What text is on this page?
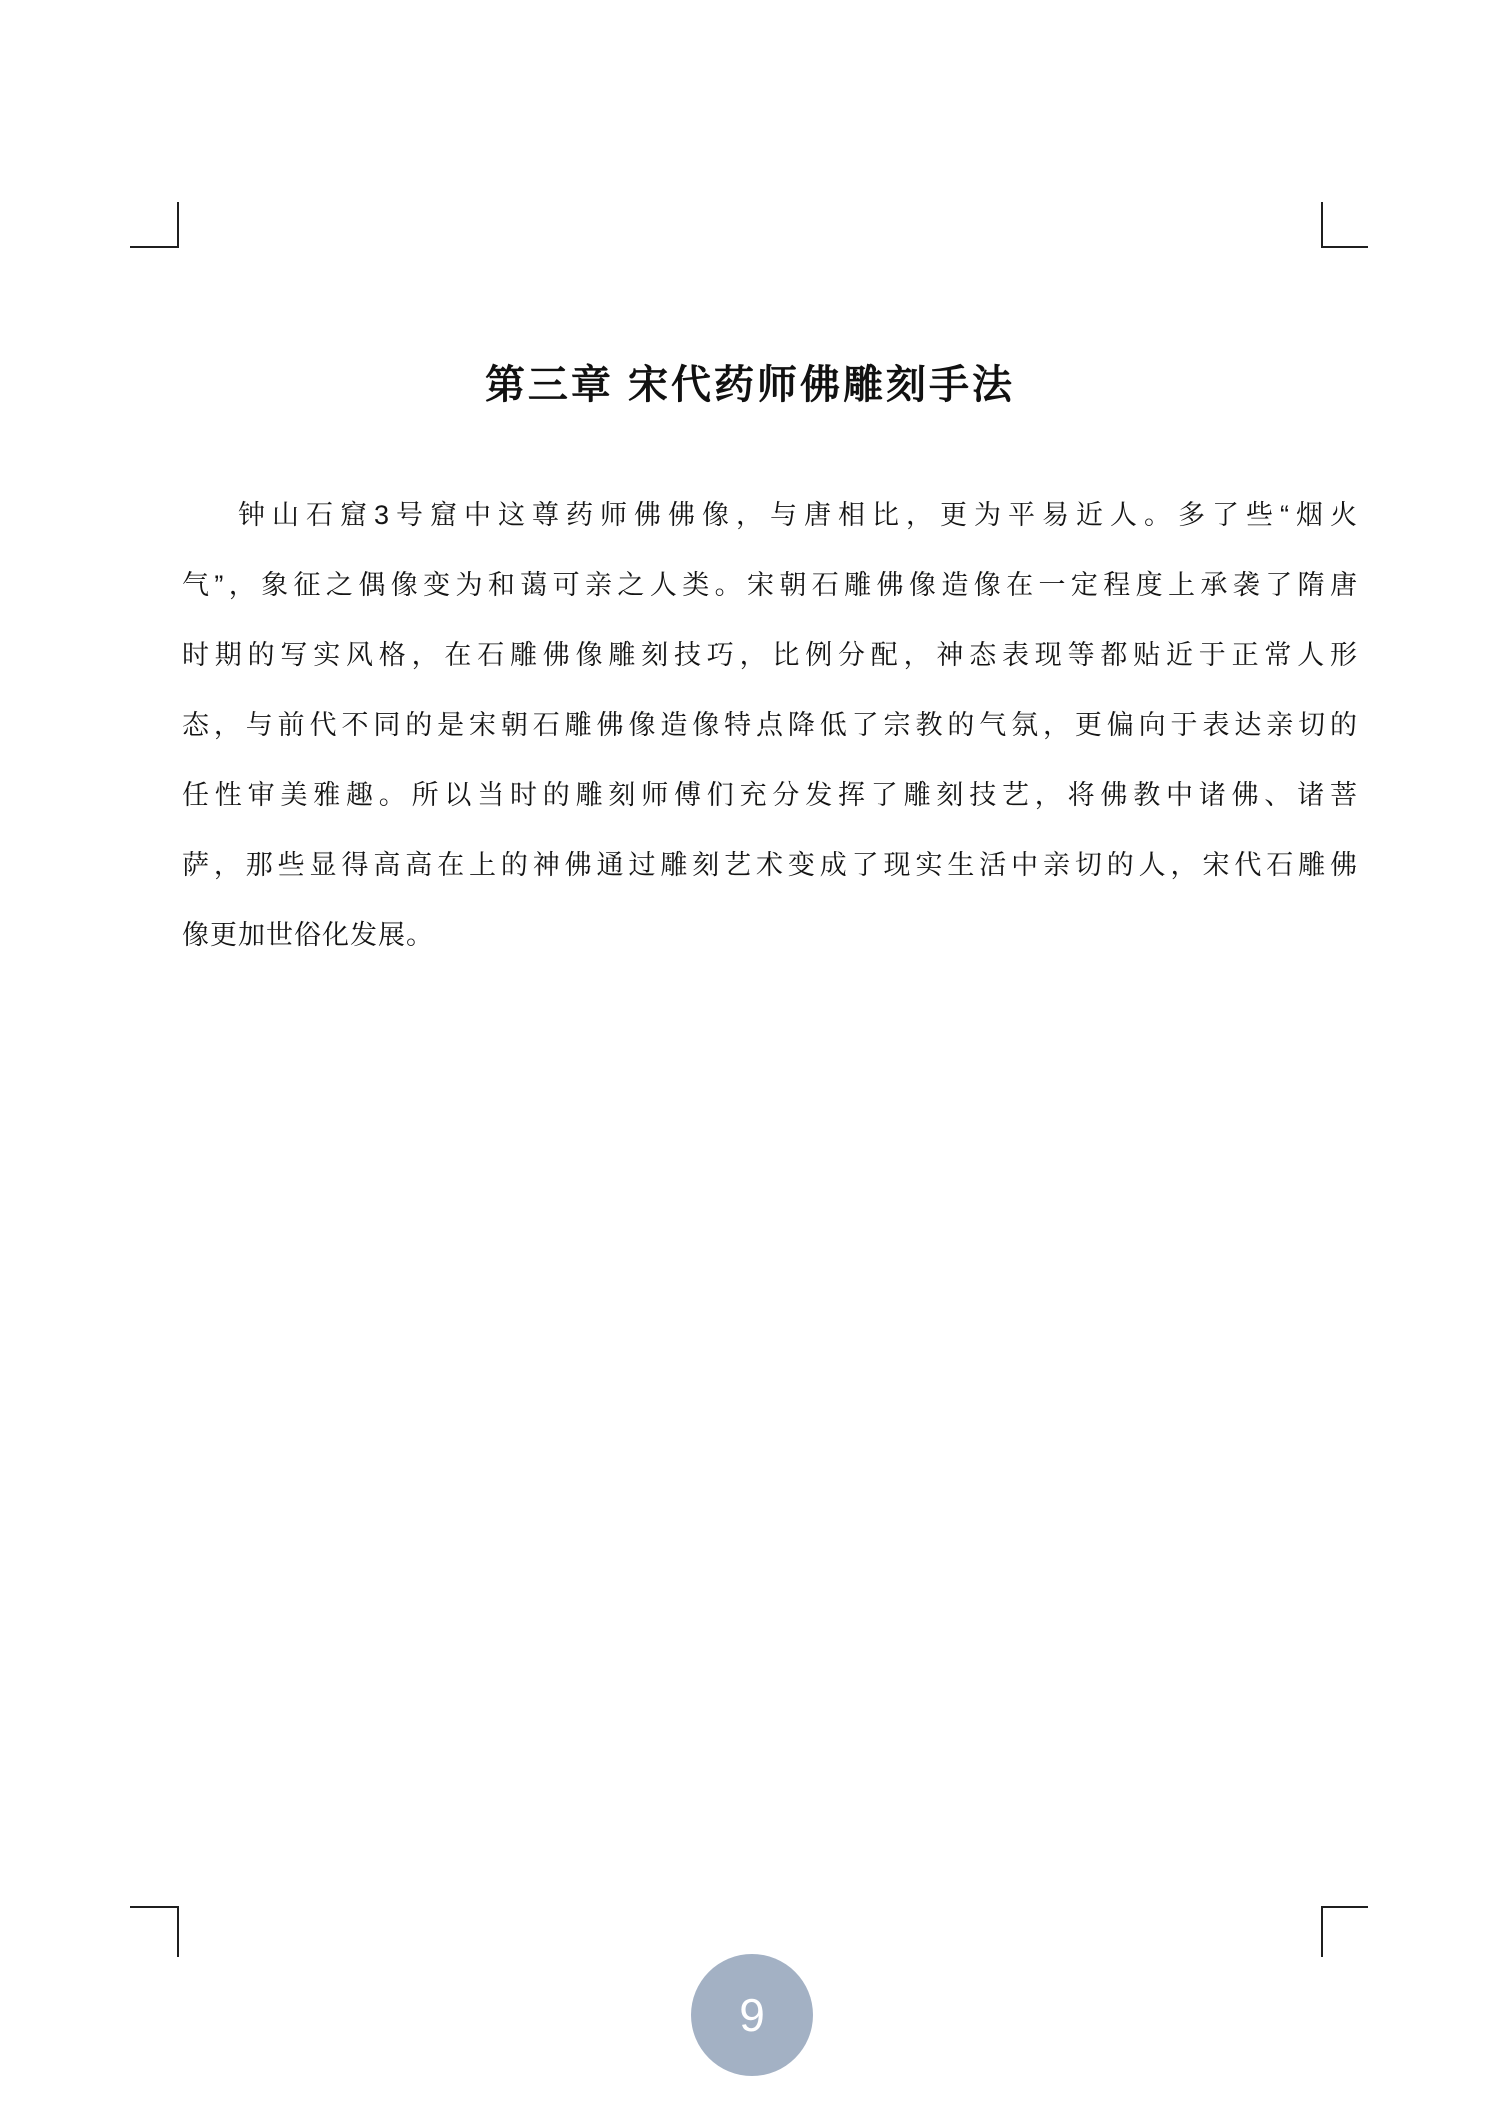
第三章 宋代药师佛雕刻手法
钟山石窟3号窟中这尊药师佛佛像，与唐相比，更为平易近人。多了些“烟火
气”，象征之偶像变为和蔼可亲之人类。宋朝石雕佛像造像在一定程度上承袭了隋唐
时期的写实风格，在石雕佛像雕刻技巧，比例分配，神态表现等都贴近于正常人形
态，与前代不同的是宋朝石雕佛像造像特点降低了宗教的气氛，更偏向于表达亲切的
任性审美雅趣。所以当时的雕刻师傅们充分发挥了雕刻技艺，将佛教中诸佛、诸菩
萨，那些显得高高在上的神佛通过雕刻艺术变成了现实生活中亲切的人，宋代石雕佛
像更加世俗化发展。
9
